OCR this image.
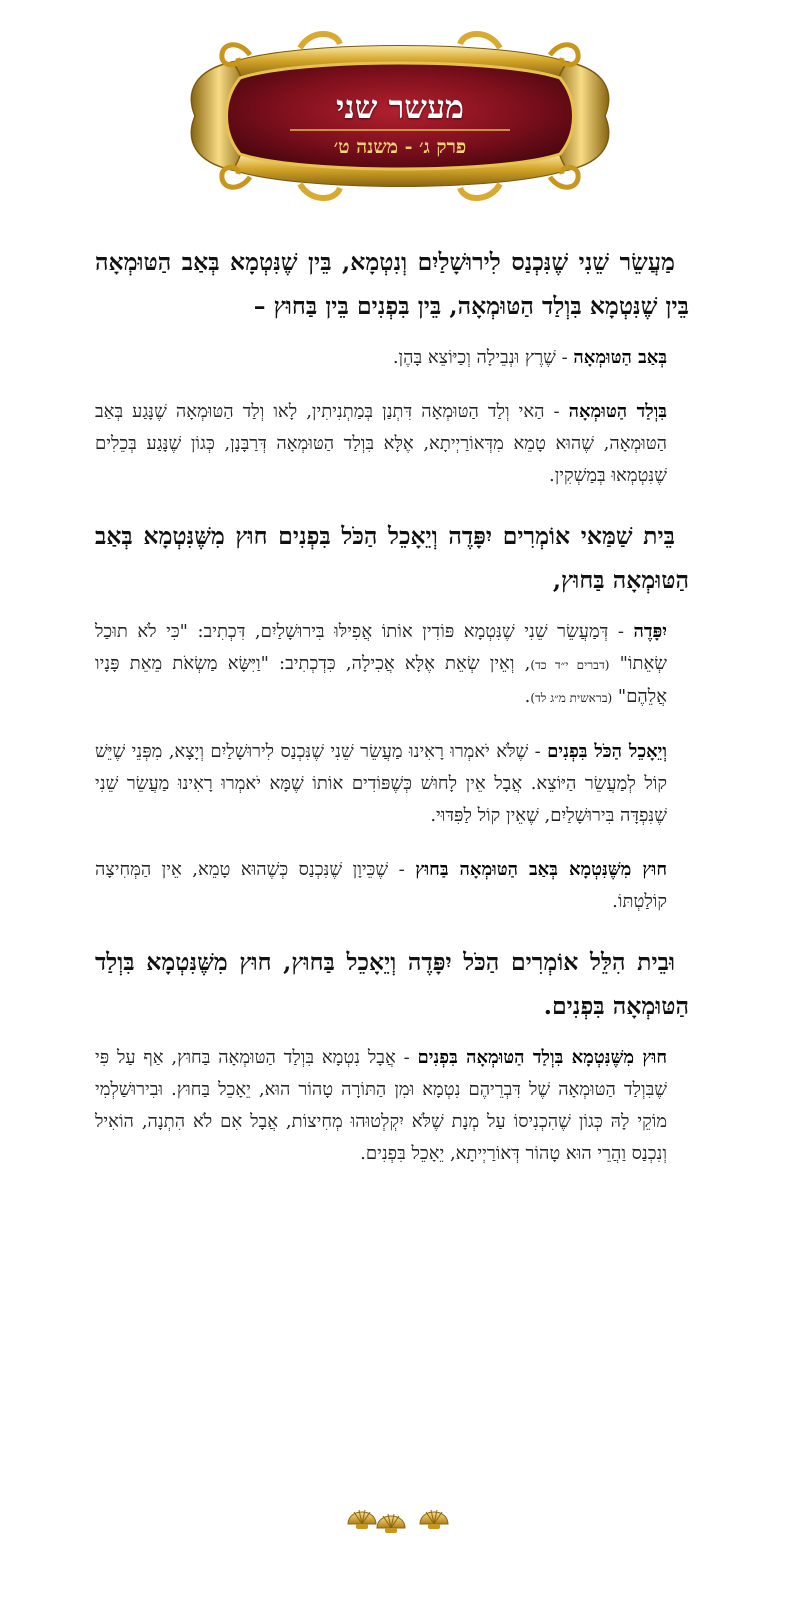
מעשר שני
פרק ג׳ - משנה ט׳

מַעֲשֵׂר שֵׁנִי שֶׁנִּכְנַס לִירוּשָׁלַיִם וְנִטְמָא, בֵּין שֶׁנִּטְמָא בְּאַב הַטּוּמְאָה בֵּין שֶׁנִּטְמָא בִּוְלַד הַטּוּמְאָה, בֵּין בִּפְנִים בֵּין בַּחוּץ –

בְּאַב הַטּוּמְאָה - שֶׁרֶץ וּנְבֵילָה וְכַיּוֹצֵא בָּהֶן.

בִּוְלַד הַטּוּמְאָה - הַאי וְלַד הַטּוּמְאָה דִּתְנַן בְּמַתְנִיתִין, לָאו וְלַד הַטּוּמְאָה שֶׁנָּגַע בְּאַב הַטּוּמְאָה, שֶׁהוּא טָמֵא מִדְּאוֹרַיְיתָא, אֶלָּא בִּוְלַד הַטּוּמְאָה דְּרַבָּנָן, כְּגוֹן שֶׁנָּגַע בְּכֵלִים שֶׁנִּטְמְאוּ בְּמַשְׁקִין.

בֵּית שַׁמַּאי אוֹמְרִים יִפָּדֶה וְיֵאָכֵל הַכֹּל בִּפְנִים חוּץ מִשֶּׁנִּטְמָא בְּאַב הַטּוּמְאָה בַּחוּץ,

יִפָּדֶה - דְּמַעֲשֵׂר שֵׁנִי שֶׁנִּטְמָא פּוֹדִין אוֹתוֹ אֲפִילּוּ בִּירוּשָׁלַיִם, דִּכְתִיב: "כִּי לֹא תוּכַל שְׂאֵתוֹ" (דברים י״ד כד), וְאֵין שְׂאֵת אֶלָּא אֲכִילָה, כִּדְכְתִיב: "וַיִּשָּׂא מַשְׂאֹת מֵאֵת פָּנָיו אֲלֵהֶם" (בראשית מ״ג לד).

וְיֵאָכֵל הַכֹּל בִּפְנִים - שֶׁלֹּא יֹאמְרוּ רָאִינוּ מַעֲשֵׂר שֵׁנִי שֶׁנִּכְנַס לִירוּשָׁלַיִם וְיָצָא, מִפְּנֵי שֶׁיֵּשׁ קוֹל לְמַעֲשֵׂר הַיּוֹצֵא. אֲבָל אֵין לָחוּשׁ כְּשֶׁפּוֹדִים אוֹתוֹ שֶׁמָּא יֹאמְרוּ רָאִינוּ מַעֲשֵׂר שֵׁנִי שֶׁנִּפְדָּה בִּירוּשָׁלַיִם, שֶׁאֵין קוֹל לַפִּדּוּי.

חוּץ מִשֶּׁנִּטְמָא בְּאַב הַטּוּמְאָה בַּחוּץ - שֶׁכֵּיוָן שֶׁנִּכְנַס כְּשֶׁהוּא טָמֵא, אֵין הַמְּחִיצָה קוֹלַטְתּוֹ.

וּבֵית הִלֵּל אוֹמְרִים הַכֹּל יִפָּדֶה וְיֵאָכֵל בַּחוּץ, חוּץ מִשֶּׁנִּטְמָא בִּוְלַד הַטּוּמְאָה בִּפְנִים.

חוּץ מִשֶּׁנִּטְמָא בִּוְלַד הַטּוּמְאָה בִּפְנִים - אֲבָל נִטְמָא בִּוְלַד הַטּוּמְאָה בַּחוּץ, אַף עַל פִּי שֶׁבִּוְלַד הַטּוּמְאָה שֶׁל דִּבְרֵיהֶם נִטְמָא וּמִן הַתּוֹרָה טָהוֹר הוּא, יֵאָכֵל בַּחוּץ. וּבִירוּשַׁלְמִי מוֹקֵי לָהּ כְּגוֹן שֶׁהִכְנִיסוֹ עַל מְנָת שֶׁלֹּא יִקְלְטוּהוּ מְחִיצוֹת, אֲבָל אִם לֹא הִתְנָה, הוֹאִיל וְנִכְנַס וַהֲרֵי הוּא טָהוֹר דְּאוֹרַיְיתָא, יֵאָכֵל בִּפְנִים.
